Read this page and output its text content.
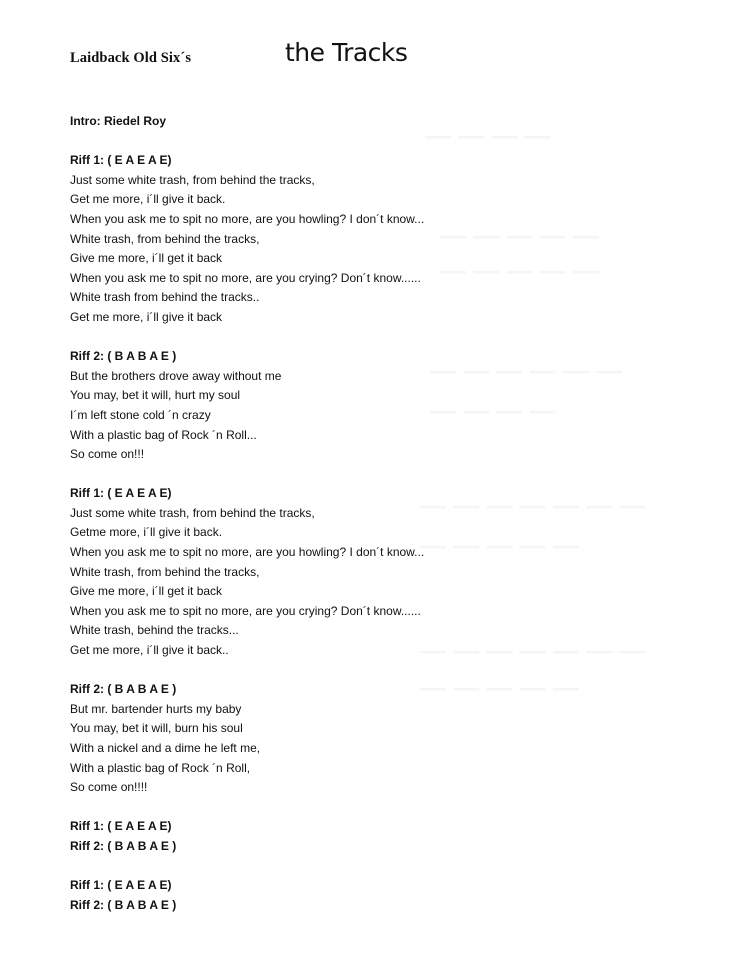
Laidback Old Six´s	the Tracks
Intro: Riedel Roy
Riff 1: ( E A E A E)
Just some white trash, from behind the tracks,
Get me more, i´ll give it back.
When you ask me to spit no more, are you howling? I don´t know...
White trash, from behind the tracks,
Give me more, i´ll get it back
When you ask me to spit no more, are you crying? Don´t know......
White trash from behind the tracks..
Get me more, i´ll give it back
Riff 2: ( B A B A E )
But the brothers drove away without me
You may, bet it will, hurt my soul
I´m left stone cold ´n crazy
With a plastic bag of Rock ´n Roll...
So come on!!!
Riff 1: ( E A E A E)
Just some white trash, from behind the tracks,
Getme more, i´ll give it back.
When you ask me to spit no more, are you howling? I don´t know...
White trash, from behind the tracks,
Give me more, i´ll get it back
When you ask me to spit no more, are you crying? Don´t know......
White trash, behind the tracks...
Get me more, i´ll give it back..
Riff 2: ( B A B A E )
But mr. bartender hurts my baby
You may, bet it will, burn his soul
With a nickel and a dime he left me,
With a plastic bag of Rock ´n Roll,
So come on!!!!
Riff 1: ( E A E A E)
Riff 2: ( B A B A E )
Riff 1: ( E A E A E)
Riff 2: ( B A B A E )
